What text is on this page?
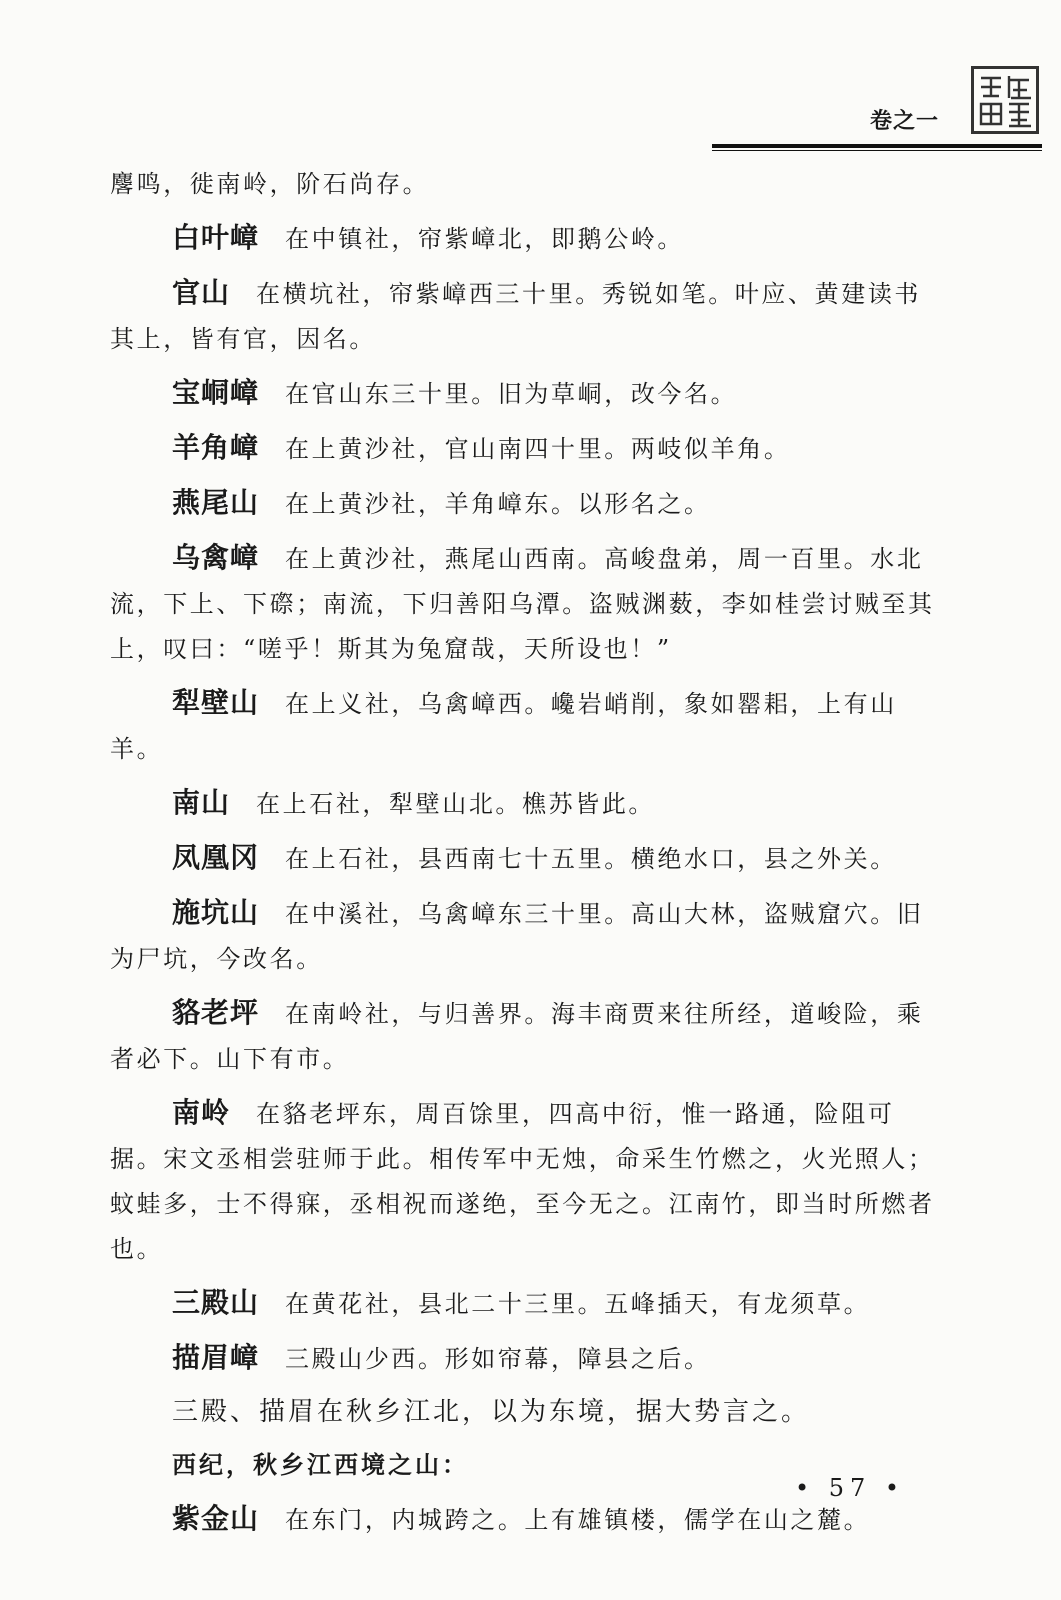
卷之一

麐鸣，徙南岭，阶石尚存。

白叶嶂 在中镇社，帘紫嶂北，即鹅公岭。

官山 在横坑社，帘紫嶂西三十里。秀锐如笔。叶应、黄建读书其上，皆有官，因名。

宝峒嶂 在官山东三十里。旧为草峒，改今名。

羊角嶂 在上黄沙社，官山南四十里。两岐似羊角。

燕尾山 在上黄沙社，羊角嶂东。以形名之。

乌禽嶂 在上黄沙社，燕尾山西南。高峻盘弟，周一百里。水北流，下上、下磜；南流，下归善阳乌潭。盗贼渊薮，李如桂尝讨贼至其上，叹曰：“嗟乎！斯其为兔窟哉，天所设也！”

犁壁山 在上义社，乌禽嶂西。巉岩峭削，象如罂耜，上有山羊。

南山 在上石社，犁壁山北。樵苏皆此。

凤凰冈 在上石社，县西南七十五里。横绝水口，县之外关。

施坑山 在中溪社，乌禽嶂东三十里。高山大林，盗贼窟穴。旧为尸坑，今改名。

貉老坪 在南岭社，与归善界。海丰商贾来往所经，道峻险，乘者必下。山下有市。

南岭 在貉老坪东，周百馀里，四高中衍，惟一路通，险阻可据。宋文丞相尝驻师于此。相传军中无烛，命采生竹燃之，火光照人；蚊蛙多，士不得寐，丞相祝而遂绝，至今无之。江南竹，即当时所燃者也。

三殿山 在黄花社，县北二十三里。五峰插天，有龙须草。

描眉嶂 三殿山少西。形如帘幕，障县之后。

三殿、描眉在秋乡江北，以为东境，据大势言之。

西纪，秋乡江西境之山：

紫金山 在东门，内城跨之。上有雄镇楼，儒学在山之麓。

• 57 •
